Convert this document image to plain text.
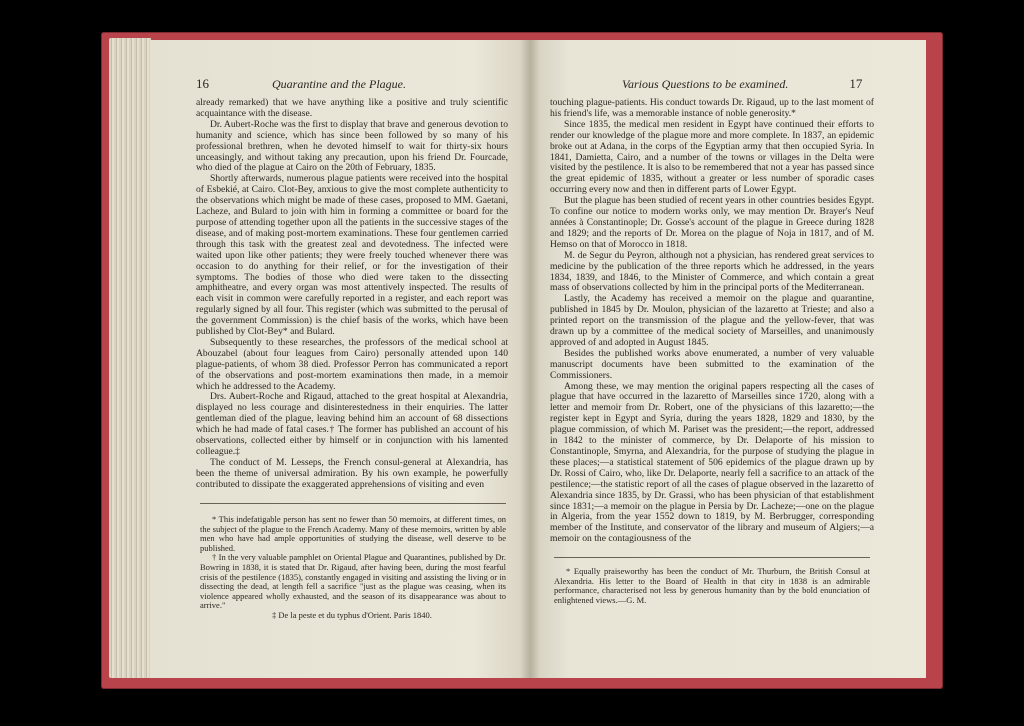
16	Quarantine and the Plague.

already remarked) that we have anything like a positive and truly scientific acquaintance with the disease.

Dr. Aubert-Roche was the first to display that brave and generous devotion to humanity and science, which has since been followed by so many of his professional brethren, when he devoted himself to wait for thirty-six hours unceasingly, and without taking any precaution, upon his friend Dr. Fourcade, who died of the plague at Cairo on the 20th of February, 1835.

Shortly afterwards, numerous plague patients were received into the hospital of Esbekié, at Cairo. Clot-Bey, anxious to give the most complete authenticity to the observations which might be made of these cases, proposed to MM. Gaetani, Lacheze, and Bulard to join with him in forming a committee or board for the purpose of attending together upon all the patients in the successive stages of the disease, and of making post-mortem examinations. These four gentlemen carried through this task with the greatest zeal and devotedness. The infected were waited upon like other patients; they were freely touched whenever there was occasion to do anything for their relief, or for the investigation of their symptoms. The bodies of those who died were taken to the dissecting amphitheatre, and every organ was most attentively inspected. The results of each visit in common were carefully reported in a register, and each report was regularly signed by all four. This register (which was submitted to the perusal of the government Commission) is the chief basis of the works, which have been published by Clot-Bey* and Bulard.

Subsequently to these researches, the professors of the medical school at Abouzabel (about four leagues from Cairo) personally attended upon 140 plague-patients, of whom 38 died. Professor Perron has communicated a report of the observations and post-mortem examinations then made, in a memoir which he addressed to the Academy.

Drs. Aubert-Roche and Rigaud, attached to the great hospital at Alexandria, displayed no less courage and disinterestedness in their enquiries. The latter gentleman died of the plague, leaving behind him an account of 68 dissections which he had made of fatal cases.† The former has published an account of his observations, collected either by himself or in conjunction with his lamented colleague.‡

The conduct of M. Lesseps, the French consul-general at Alexandria, has been the theme of universal admiration. By his own example, he powerfully contributed to dissipate the exaggerated apprehensions of visiting and even

* This indefatigable person has sent no fewer than 50 memoirs, at different times, on the subject of the plague to the French Academy. Many of these memoirs, written by able men who have had ample opportunities of studying the disease, well deserve to be published.

† In the very valuable pamphlet on Oriental Plague and Quarantines, published by Dr. Bowring in 1838, it is stated that Dr. Rigaud, after having been, during the most fearful crisis of the pestilence (1835), constantly engaged in visiting and assisting the living or in dissecting the dead, at length fell a sacrifice "just as the plague was ceasing, when its violence appeared wholly exhausted, and the season of its disappearance was about to arrive."

‡ De la peste et du typhus d'Orient. Paris 1840.

Various Questions to be examined.	17

touching plague-patients. His conduct towards Dr. Rigaud, up to the last moment of his friend's life, was a memorable instance of noble generosity.*

Since 1835, the medical men resident in Egypt have continued their efforts to render our knowledge of the plague more and more complete. In 1837, an epidemic broke out at Adana, in the corps of the Egyptian army that then occupied Syria. In 1841, Damietta, Cairo, and a number of the towns or villages in the Delta were visited by the pestilence. It is also to be remembered that not a year has passed since the great epidemic of 1835, without a greater or less number of sporadic cases occurring every now and then in different parts of Lower Egypt.

But the plague has been studied of recent years in other countries besides Egypt. To confine our notice to modern works only, we may mention Dr. Brayer's Neuf années à Constantinople; Dr. Gosse's account of the plague in Greece during 1828 and 1829; and the reports of Dr. Morea on the plague of Noja in 1817, and of M. Hemso on that of Morocco in 1818.

M. de Segur du Peyron, although not a physician, has rendered great services to medicine by the publication of the three reports which he addressed, in the years 1834, 1839, and 1846, to the Minister of Commerce, and which contain a great mass of observations collected by him in the principal ports of the Mediterranean.

Lastly, the Academy has received a memoir on the plague and quarantine, published in 1845 by Dr. Moulon, physician of the lazaretto at Trieste; and also a printed report on the transmission of the plague and the yellow-fever, that was drawn up by a committee of the medical society of Marseilles, and unanimously approved of and adopted in August 1845.

Besides the published works above enumerated, a number of very valuable manuscript documents have been submitted to the examination of the Commissioners.

Among these, we may mention the original papers respecting all the cases of plague that have occurred in the lazaretto of Marseilles since 1720, along with a letter and memoir from Dr. Robert, one of the physicians of this lazaretto;—the register kept in Egypt and Syria, during the years 1828, 1829 and 1830, by the plague commission, of which M. Pariset was the president;—the report, addressed in 1842 to the minister of commerce, by Dr. Delaporte of his mission to Constantinople, Smyrna, and Alexandria, for the purpose of studying the plague in these places;—a statistical statement of 506 epidemics of the plague drawn up by Dr. Rossi of Cairo, who, like Dr. Delaporte, nearly fell a sacrifice to an attack of the pestilence;—the statistic report of all the cases of plague observed in the lazaretto of Alexandria since 1835, by Dr. Grassi, who has been physician of that establishment since 1831;—a memoir on the plague in Persia by Dr. Lacheze;—one on the plague in Algeria, from the year 1552 down to 1819, by M. Berbrugger, corresponding member of the Institute, and conservator of the library and museum of Algiers;—a memoir on the contagiousness of the

* Equally praiseworthy has been the conduct of Mr. Thurburn, the British Consul at Alexandria. His letter to the Board of Health in that city in 1838 is an admirable performance, characterised not less by generous humanity than by the bold enunciation of enlightened views.—G. M.
